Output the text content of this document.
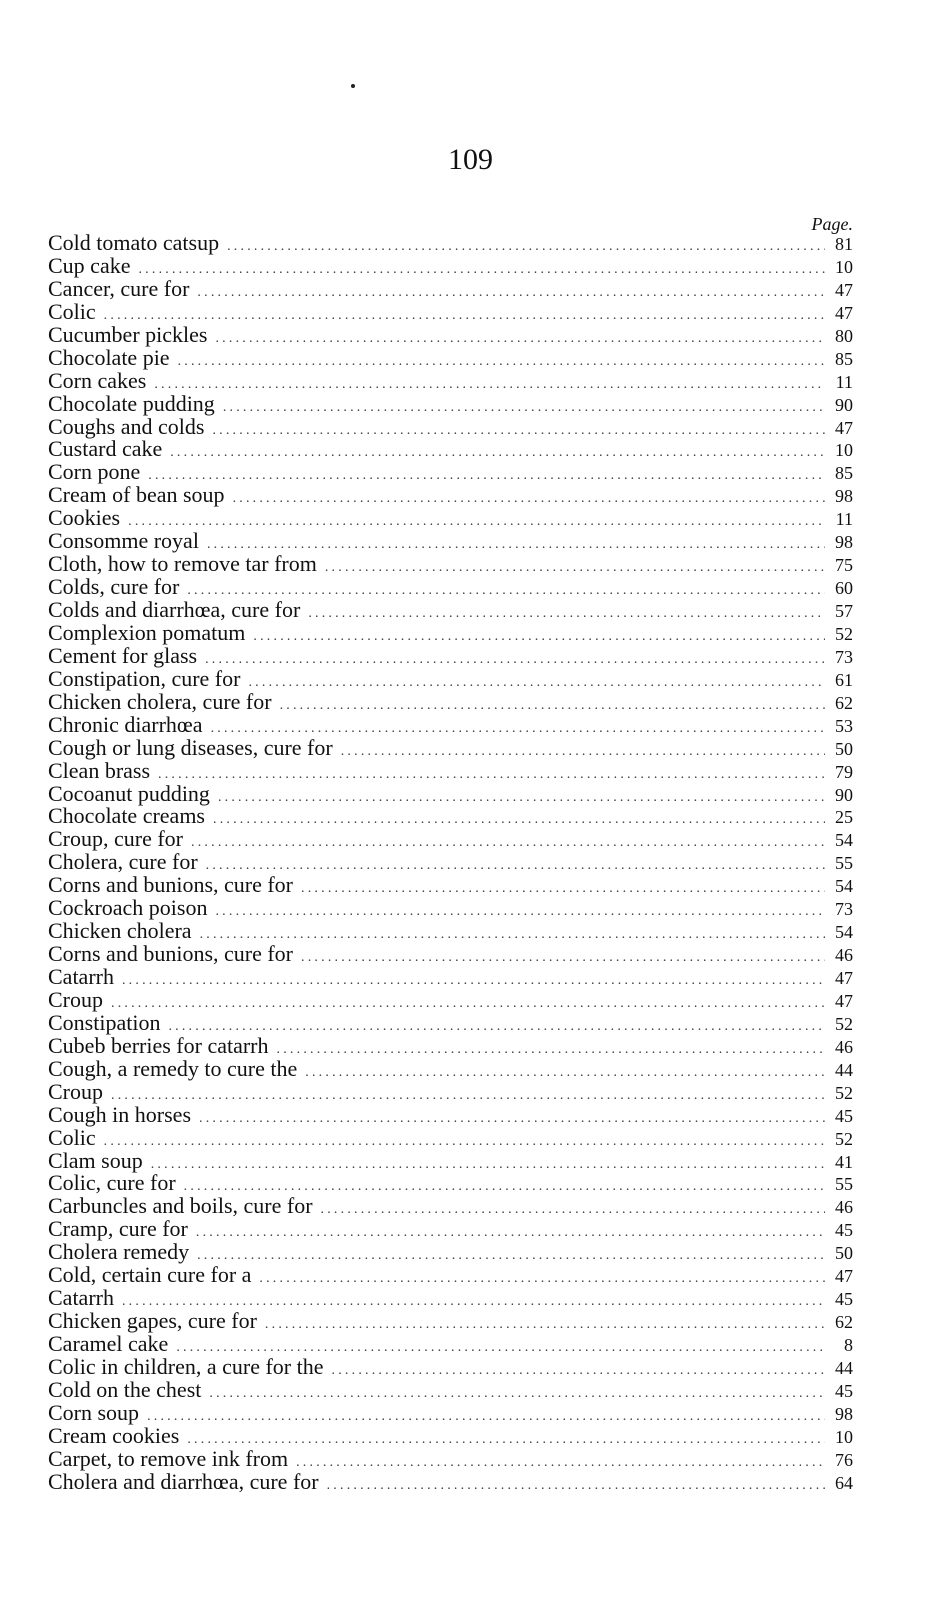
109
Page.
Cold tomato catsup .....	81
Cup cake .....	10
Cancer, cure for .....	47
Colic .....	47
Cucumber pickles .....	80
Chocolate pie .....	85
Corn cakes .....	11
Chocolate pudding .....	90
Coughs and colds .....	47
Custard cake .....	10
Corn pone .....	85
Cream of bean soup .....	98
Cookies .....	11
Consomme royal .....	98
Cloth, how to remove tar from .....	75
Colds, cure for .....	60
Colds and diarrhœa, cure for .....	57
Complexion pomatum .....	52
Cement for glass .....	73
Constipation, cure for .....	61
Chicken cholera, cure for .....	62
Chronic diarrhœa .....	53
Cough or lung diseases, cure for .....	50
Clean brass .....	79
Cocoanut pudding .....	90
Chocolate creams .....	25
Croup, cure for .....	54
Cholera, cure for .....	55
Corns and bunions, cure for .....	54
Cockroach poison .....	73
Chicken cholera .....	54
Corns and bunions, cure for .....	46
Catarrh .....	47
Croup .....	47
Constipation .....	52
Cubeb berries for catarrh .....	46
Cough, a remedy to cure the .....	44
Croup .....	52
Cough in horses .....	45
Colic .....	52
Clam soup .....	41
Colic, cure for .....	55
Carbuncles and boils, cure for .....	46
Cramp, cure for .....	45
Cholera remedy .....	50
Cold, certain cure for a .....	47
Catarrh .....	45
Chicken gapes, cure for .....	62
Caramel cake .....	8
Colic in children, a cure for the .....	44
Cold on the chest .....	45
Corn soup .....	98
Cream cookies .....	10
Carpet, to remove ink from .....	76
Cholera and diarrhœa, cure for .....	64
